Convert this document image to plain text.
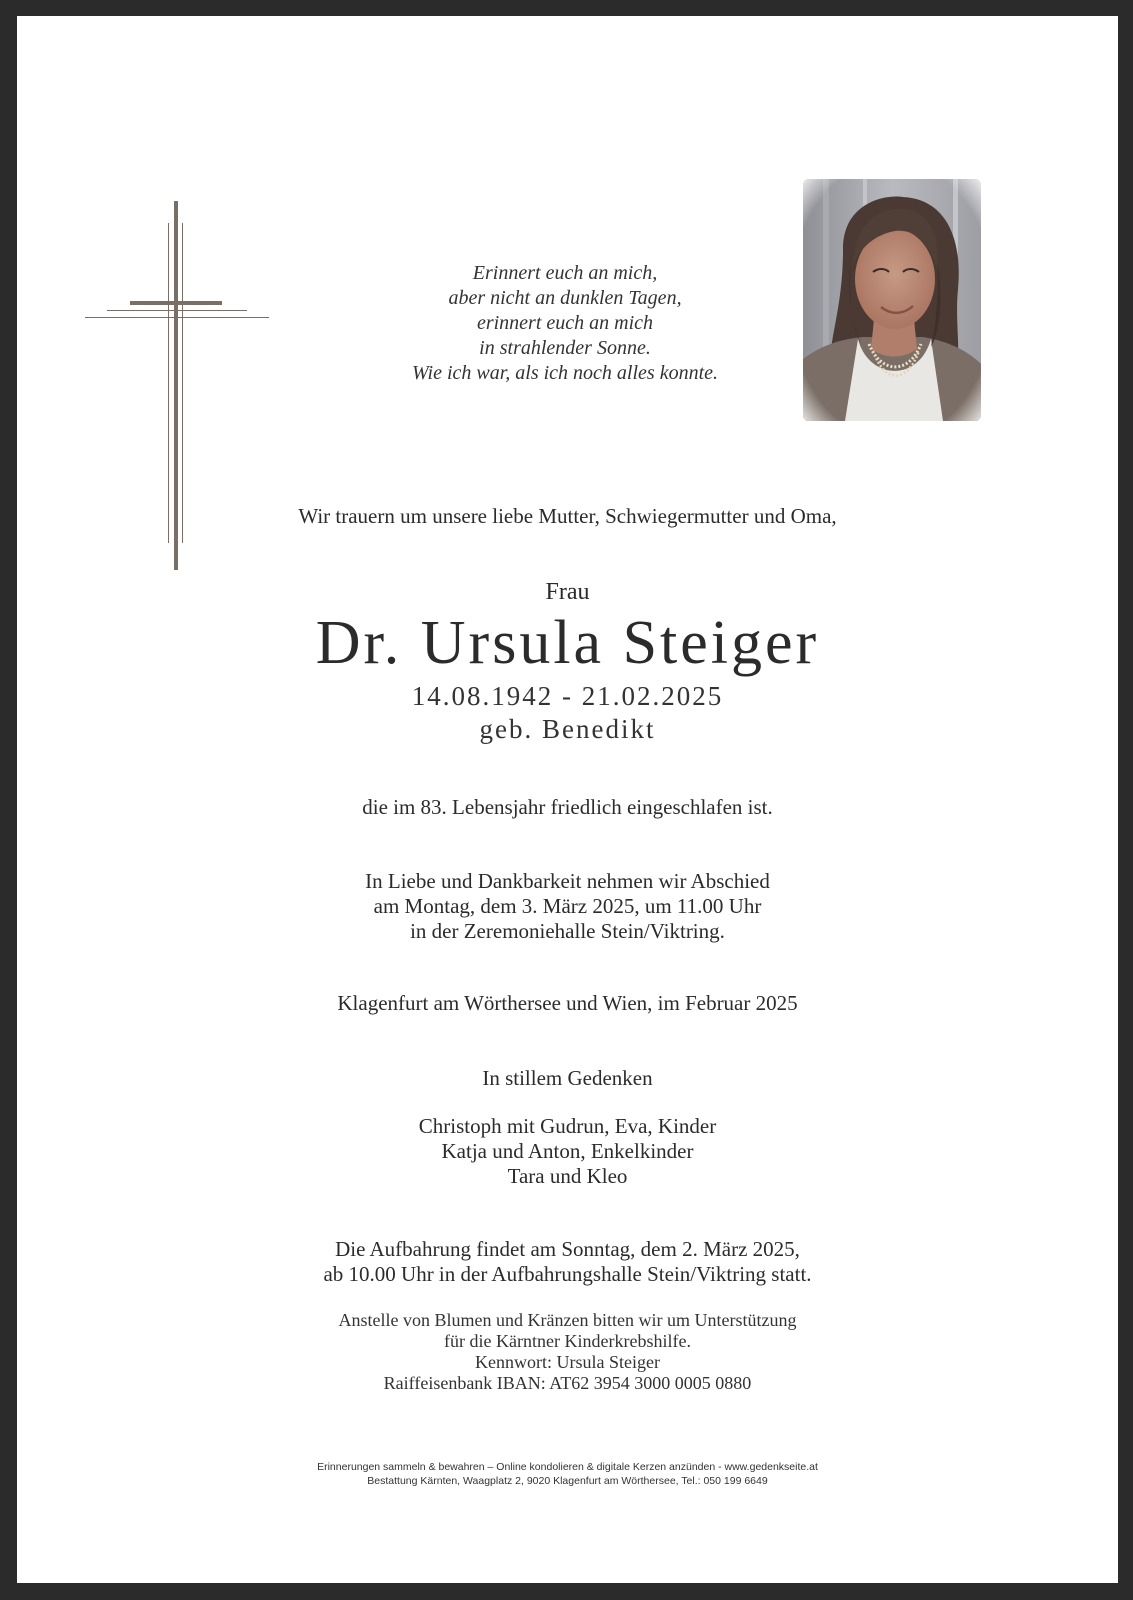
Erinnert euch an mich,
aber nicht an dunklen Tagen,
erinnert euch an mich
in strahlender Sonne.
Wie ich war, als ich noch alles konnte.
Wir trauern um unsere liebe Mutter, Schwiegermutter und Oma,
Frau
Dr. Ursula Steiger
14.08.1942 - 21.02.2025
geb. Benedikt
die im 83. Lebensjahr friedlich eingeschlafen ist.
In Liebe und Dankbarkeit nehmen wir Abschied
am Montag, dem 3. März 2025, um 11.00 Uhr
in der Zeremoniehalle Stein/Viktring.
Klagenfurt am Wörthersee und Wien, im Februar 2025
In stillem Gedenken
Christoph mit Gudrun, Eva, Kinder
Katja und Anton, Enkelkinder
Tara und Kleo
Die Aufbahrung findet am Sonntag, dem 2. März 2025,
ab 10.00 Uhr in der Aufbahrungshalle Stein/Viktring statt.
Anstelle von Blumen und Kränzen bitten wir um Unterstützung
für die Kärntner Kinderkrebshilfe.
Kennwort: Ursula Steiger
Raiffeisenbank IBAN: AT62 3954 3000 0005 0880
Erinnerungen sammeln & bewahren – Online kondolieren & digitale Kerzen anzünden - www.gedenkseite.at
Bestattung Kärnten, Waagplatz 2, 9020 Klagenfurt am Wörthersee, Tel.: 050 199 6649
